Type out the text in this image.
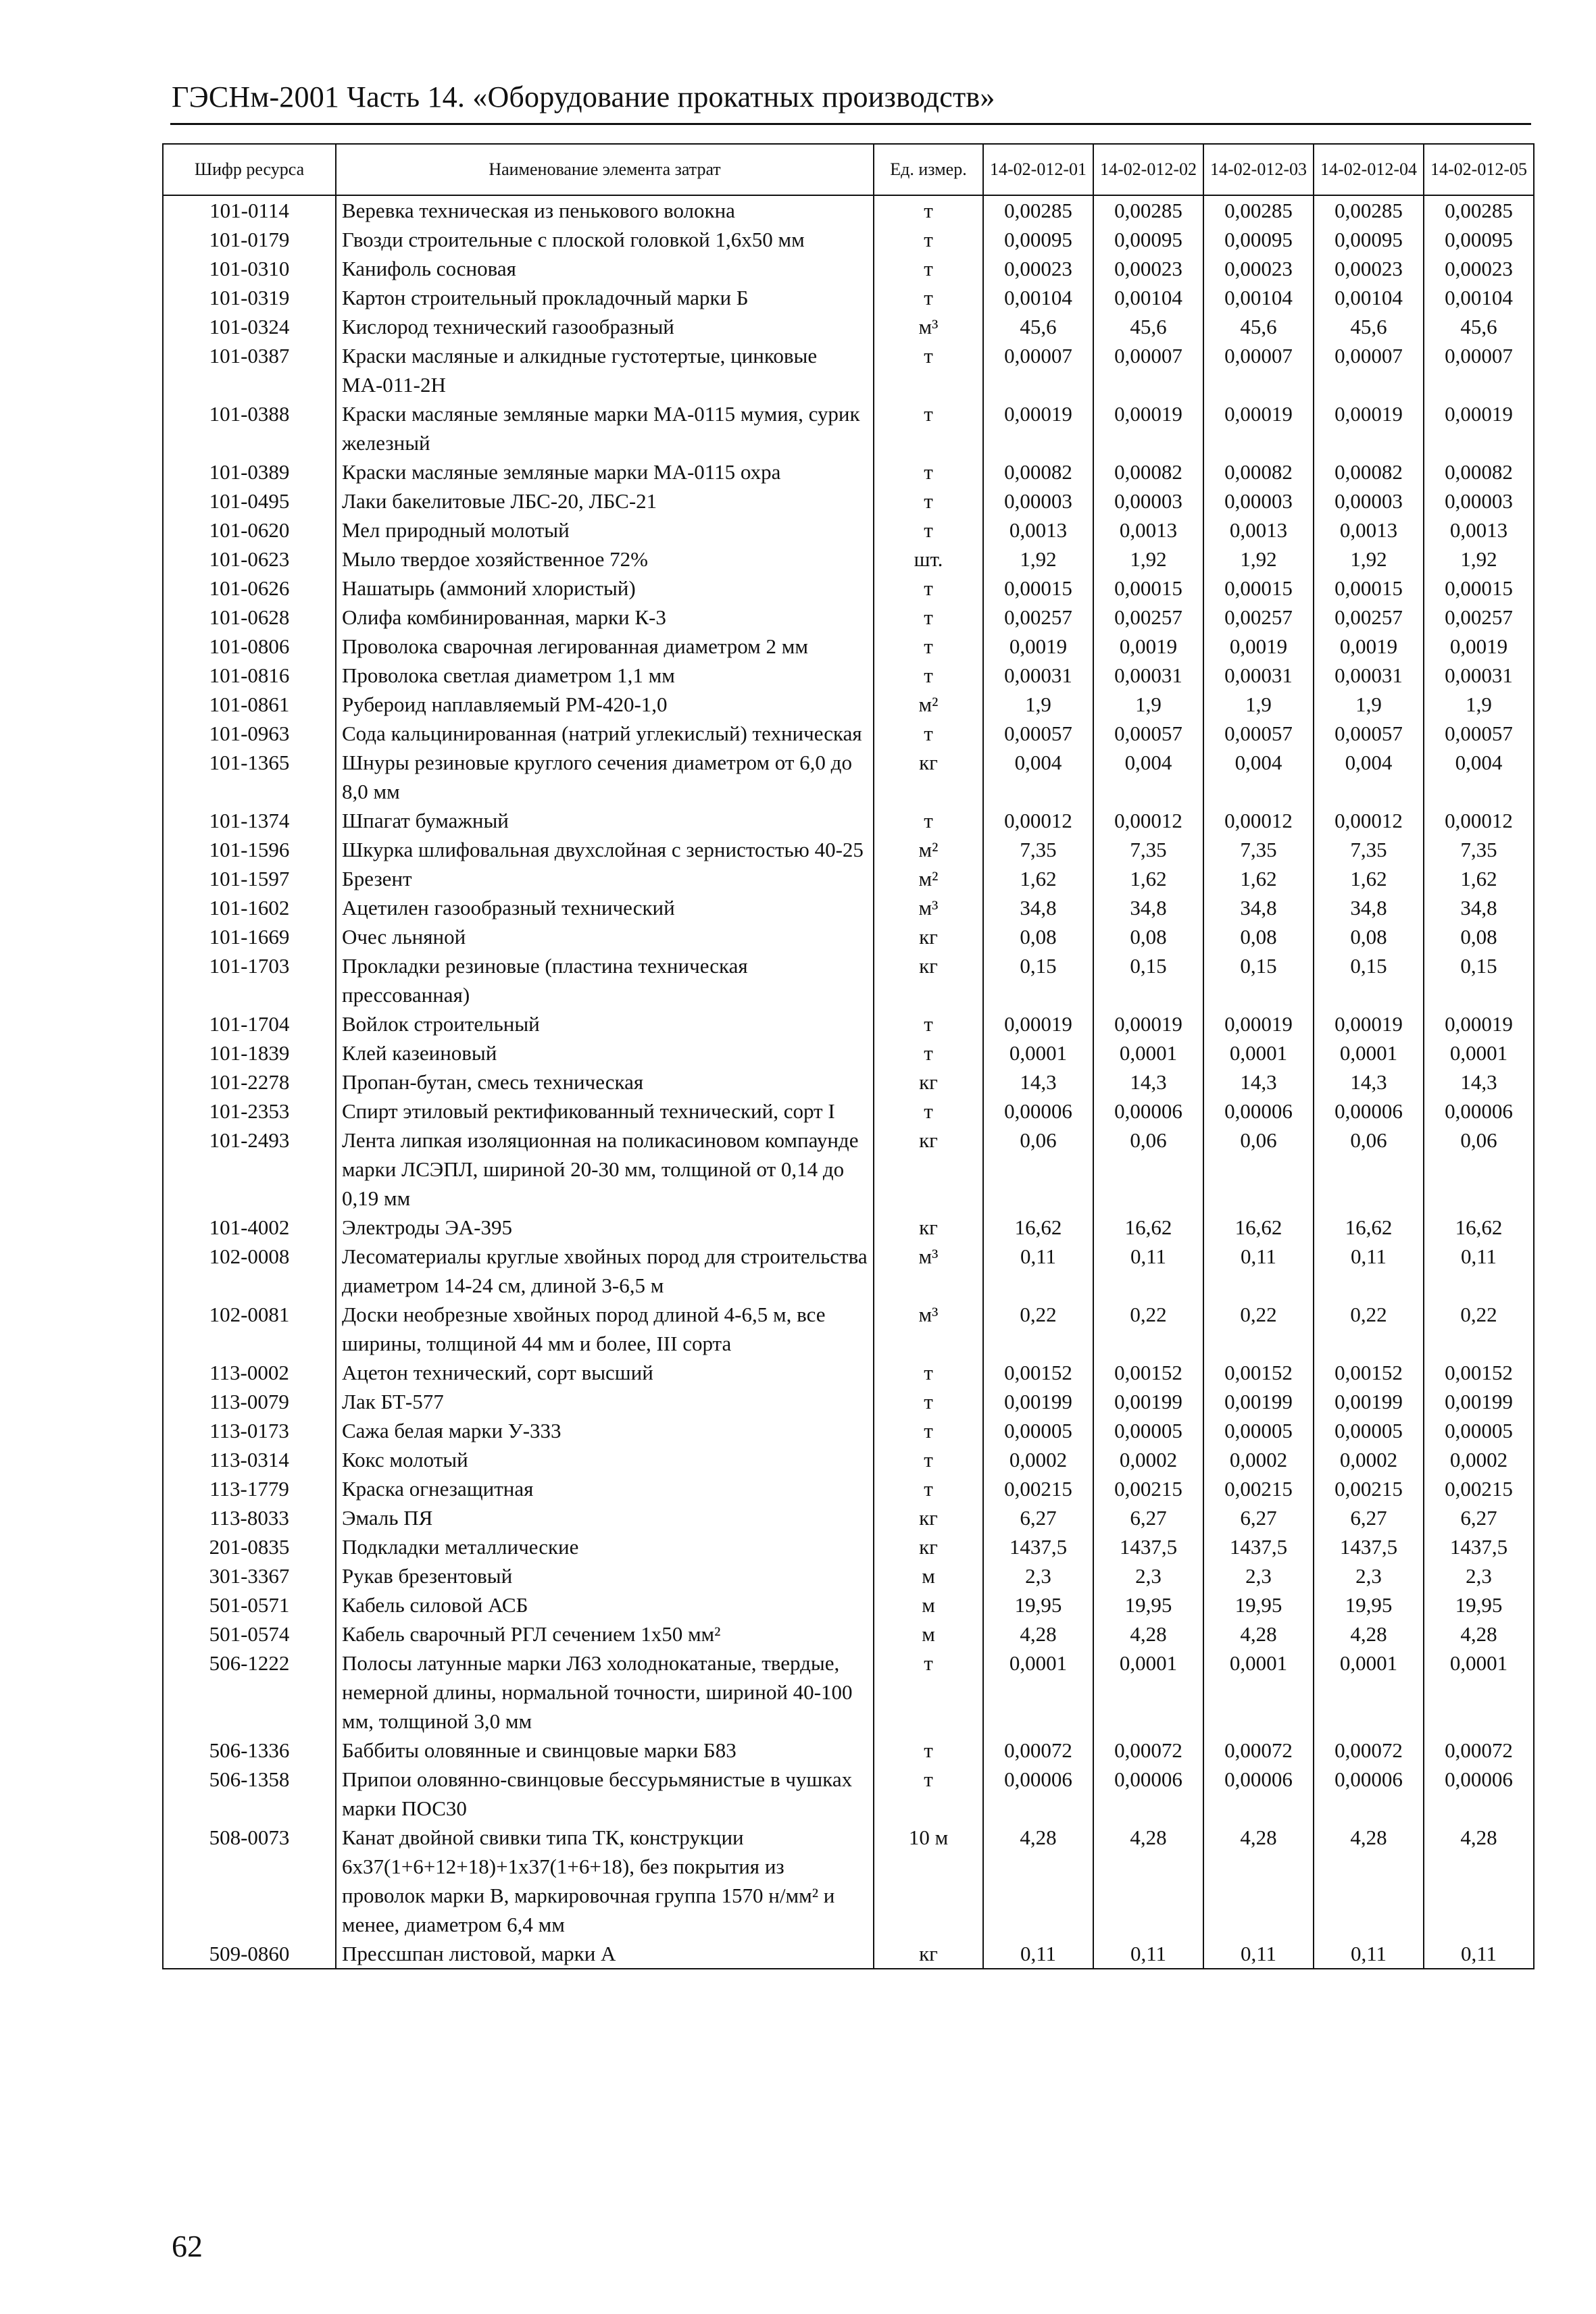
ГЭСНм-2001 Часть 14. «Оборудование прокатных производств»
Шифр ресурса	Наименование элемента затрат	Ед. измер.	14-02-012-01	14-02-012-02	14-02-012-03	14-02-012-04	14-02-012-05
101-0114	Веревка техническая из пенькового волокна	т	0,00285	0,00285	0,00285	0,00285	0,00285
101-0179	Гвозди строительные с плоской головкой 1,6x50 мм	т	0,00095	0,00095	0,00095	0,00095	0,00095
101-0310	Канифоль сосновая	т	0,00023	0,00023	0,00023	0,00023	0,00023
101-0319	Картон строительный прокладочный марки Б	т	0,00104	0,00104	0,00104	0,00104	0,00104
101-0324	Кислород технический газообразный	м³	45,6	45,6	45,6	45,6	45,6
101-0387	Краски масляные и алкидные густотертые, цинковые МА-011-2Н	т	0,00007	0,00007	0,00007	0,00007	0,00007
101-0388	Краски масляные земляные марки МА-0115 мумия, сурик железный	т	0,00019	0,00019	0,00019	0,00019	0,00019
101-0389	Краски масляные земляные марки МА-0115 охра	т	0,00082	0,00082	0,00082	0,00082	0,00082
101-0495	Лаки бакелитовые ЛБС-20, ЛБС-21	т	0,00003	0,00003	0,00003	0,00003	0,00003
101-0620	Мел природный молотый	т	0,0013	0,0013	0,0013	0,0013	0,0013
101-0623	Мыло твердое хозяйственное 72%	шт.	1,92	1,92	1,92	1,92	1,92
101-0626	Нашатырь (аммоний хлористый)	т	0,00015	0,00015	0,00015	0,00015	0,00015
101-0628	Олифа комбинированная, марки К-3	т	0,00257	0,00257	0,00257	0,00257	0,00257
101-0806	Проволока сварочная легированная диаметром 2 мм	т	0,0019	0,0019	0,0019	0,0019	0,0019
101-0816	Проволока светлая диаметром 1,1 мм	т	0,00031	0,00031	0,00031	0,00031	0,00031
101-0861	Рубероид наплавляемый РМ-420-1,0	м²	1,9	1,9	1,9	1,9	1,9
101-0963	Сода кальцинированная (натрий углекислый) техническая	т	0,00057	0,00057	0,00057	0,00057	0,00057
101-1365	Шнуры резиновые круглого сечения диаметром от 6,0 до 8,0 мм	кг	0,004	0,004	0,004	0,004	0,004
101-1374	Шпагат бумажный	т	0,00012	0,00012	0,00012	0,00012	0,00012
101-1596	Шкурка шлифовальная двухслойная с зернистостью 40-25	м²	7,35	7,35	7,35	7,35	7,35
101-1597	Брезент	м²	1,62	1,62	1,62	1,62	1,62
101-1602	Ацетилен газообразный технический	м³	34,8	34,8	34,8	34,8	34,8
101-1669	Очес льняной	кг	0,08	0,08	0,08	0,08	0,08
101-1703	Прокладки резиновые (пластина техническая прессованная)	кг	0,15	0,15	0,15	0,15	0,15
101-1704	Войлок строительный	т	0,00019	0,00019	0,00019	0,00019	0,00019
101-1839	Клей казеиновый	т	0,0001	0,0001	0,0001	0,0001	0,0001
101-2278	Пропан-бутан, смесь техническая	кг	14,3	14,3	14,3	14,3	14,3
101-2353	Спирт этиловый ректификованный технический, сорт I	т	0,00006	0,00006	0,00006	0,00006	0,00006
101-2493	Лента липкая изоляционная на поликасиновом компаунде марки ЛСЭПЛ, шириной 20-30 мм, толщиной от 0,14 до 0,19 мм	кг	0,06	0,06	0,06	0,06	0,06
101-4002	Электроды ЭА-395	кг	16,62	16,62	16,62	16,62	16,62
102-0008	Лесоматериалы круглые хвойных пород для строительства диаметром 14-24 см, длиной 3-6,5 м	м³	0,11	0,11	0,11	0,11	0,11
102-0081	Доски необрезные хвойных пород длиной 4-6,5 м, все ширины, толщиной 44 мм и более, III сорта	м³	0,22	0,22	0,22	0,22	0,22
113-0002	Ацетон технический, сорт высший	т	0,00152	0,00152	0,00152	0,00152	0,00152
113-0079	Лак БТ-577	т	0,00199	0,00199	0,00199	0,00199	0,00199
113-0173	Сажа белая марки У-333	т	0,00005	0,00005	0,00005	0,00005	0,00005
113-0314	Кокс молотый	т	0,0002	0,0002	0,0002	0,0002	0,0002
113-1779	Краска огнезащитная	т	0,00215	0,00215	0,00215	0,00215	0,00215
113-8033	Эмаль ПЯ	кг	6,27	6,27	6,27	6,27	6,27
201-0835	Подкладки металлические	кг	1437,5	1437,5	1437,5	1437,5	1437,5
301-3367	Рукав брезентовый	м	2,3	2,3	2,3	2,3	2,3
501-0571	Кабель силовой АСБ	м	19,95	19,95	19,95	19,95	19,95
501-0574	Кабель сварочный РГЛ сечением 1x50 мм²	м	4,28	4,28	4,28	4,28	4,28
506-1222	Полосы латунные марки Л63 холоднокатаные, твердые, немерной длины, нормальной точности, шириной 40-100 мм, толщиной 3,0 мм	т	0,0001	0,0001	0,0001	0,0001	0,0001
506-1336	Баббиты оловянные и свинцовые марки Б83	т	0,00072	0,00072	0,00072	0,00072	0,00072
506-1358	Припои оловянно-свинцовые бессурьмянистые в чушках марки ПОС30	т	0,00006	0,00006	0,00006	0,00006	0,00006
508-0073	Канат двойной свивки типа ТК, конструкции 6x37(1+6+12+18)+1x37(1+6+18), без покрытия из проволок марки В, маркировочная группа 1570 н/мм² и менее, диаметром 6,4 мм	10 м	4,28	4,28	4,28	4,28	4,28
509-0860	Прессшпан листовой, марки А	кг	0,11	0,11	0,11	0,11	0,11
62
